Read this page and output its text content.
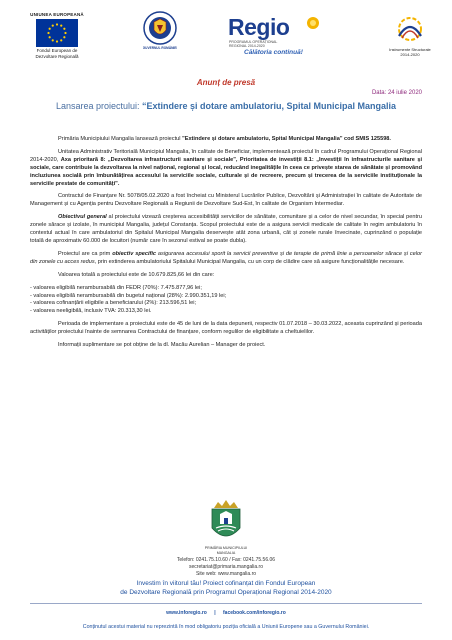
UNIUNEA EUROPEANĂ
Fondul European de
Dezvoltare Regională
GUVERNUL ROMÂNIEI
Regio
PROGRAMUL OPERAȚIONAL REGIONAL 2014-2020
Călătoria continuă!	Instrumente Structurale
2014-2020
Anunț de presă
Data: 24 iulie 2020
Lansarea proiectului: “Extindere și dotare ambulatoriu, Spital Municipal Mangalia

Primăria Municipiului Mangalia lansează proiectul "Extindere și dotare ambulatoriu, Spital Municipal Mangalia" cod SMIS 125598.

Unitatea Administrativ Teritorială Municipiul Mangalia, în calitate de Beneficiar, implementează proiectul în cadrul Programului Operațional Regional 2014-2020, Axa prioritară 8: „Dezvoltarea infrastructurii sanitare și sociale", Prioritatea de investiții 8.1: „Investiții în infrastructurile sanitare și sociale, care contribuie la dezvoltarea la nivel național, regional și local, reducând inegalitățile în ceea ce privește starea de sănătate și promovând incluziunea socială prin îmbunătățirea accesului la serviciile sociale, culturale și de recreere, precum și trecerea de la serviciile instituționale la serviciile prestate de comunități".

Contractul de Finanțare Nr. 5078/05.02.2020 a fost încheiat cu Ministerul Lucrărilor Publice, Dezvoltării și Administrației în calitate de Autoritate de Management și cu Agenția pentru Dezvoltare Regională a Regiunii de Dezvoltare Sud-Est, în calitate de Organism Intermediar.

Obiectivul general al proiectului vizează creșterea accesibilității serviciilor de sănătate, comunitare și a celor de nivel secundar, în special pentru zonele sărace și izolate, în municipiul Mangalia, județul Constanța. Scopul proiectului este de a asigura servicii medicale de calitate în regim ambulatoriu în contextul actual în care ambulatoriul din Spitalul Municipal Mangalia deservește atât zona urbană, cât și zonele rurale învecinate, cuprinzând o populație totală de aproximativ 60.000 de locuitori (număr care în sezonul estival se poate dubla).

Proiectul are ca prim obiectiv specific asigurarea accesului sporit la servicii preventive și de terapie de primă linie a persoanelor sărace și celor din zonele cu acces redus, prin extinderea ambulatoriului Spitalului Municipal Mangalia, cu un corp de clădire care să asigure funcționalitățile necesare.

Valoarea totală a proiectului este de 10.679.825,66 lei din care:

- valoarea eligibilă nerambursabilă din FEDR (70%): 7.475.877,96 lei;
- valoarea eligibilă nerambursabilă din bugetul național (28%): 2.990.351,19 lei;
- valoarea cofinanțării eligibile a beneficiarului (2%): 213.596,51 lei;
- valoarea neeligibilă, inclusiv TVA: 20.313,30 lei.

Perioada de implementare a proiectului este de 45 de luni de la data depunerii, respectiv 01.07.2018 – 30.03.2022, aceasta cuprinzând și perioada activităților proiectului înainte de semnarea Contractului de finanțare, conform regulilor de eligibilitate a cheltuielilor.

Informații suplimentare se pot obține de la dl. Macău Aurelian – Manager de proiect.

PRIMĂRIA MUNICIPIULUI
MANGALIA
Telefon: 0241.75.10.60 / Fax: 0241.75.56.06
secretariat@primaria.mangalia.ro
Site web: www.mangalia.ro
Investim în viitorul tău! Proiect cofinanțat din Fondul European
de Dezvoltare Regională prin Programul Operațional Regional 2014-2020
www.inforegio.ro | facebook.com/inforegio.ro
Conținutul acestui material nu reprezintă în mod obligatoriu poziția oficială a Uniunii Europene sau a Guvernului României.
